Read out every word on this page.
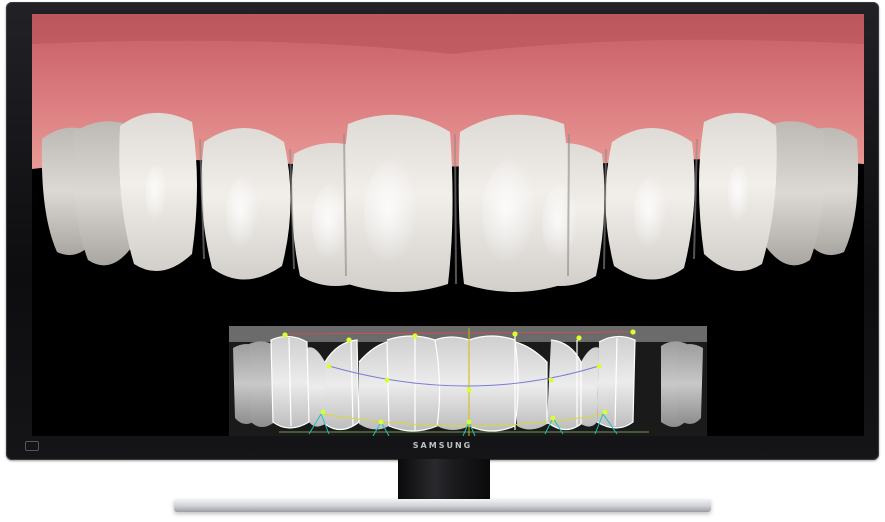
SAMSUNG
